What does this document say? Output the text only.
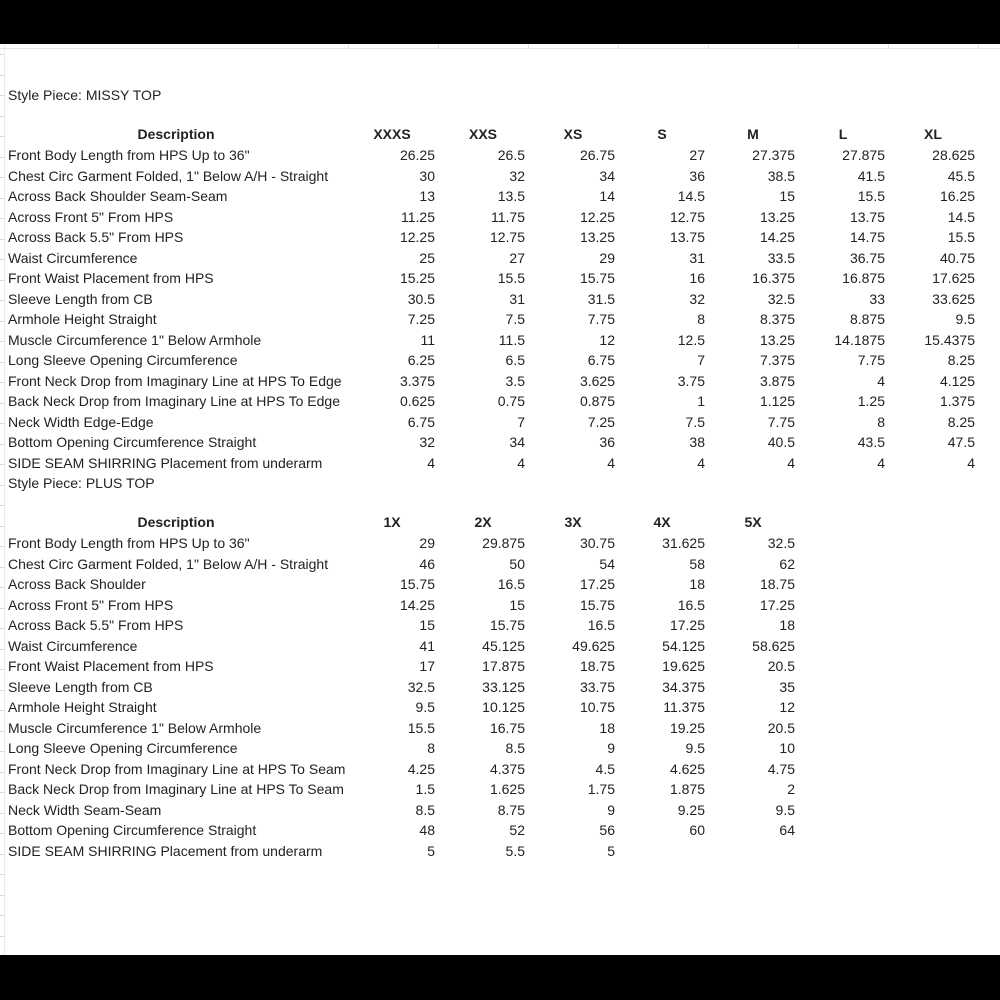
Style Piece: MISSY TOP
Description	XXXS	XXS	XS	S	M	L	XL
Front Body Length from HPS Up to 36"	26.25	26.5	26.75	27	27.375	27.875	28.625
Chest Circ Garment Folded, 1" Below A/H - Straight	30	32	34	36	38.5	41.5	45.5
Across Back Shoulder Seam-Seam	13	13.5	14	14.5	15	15.5	16.25
Across Front 5" From HPS	11.25	11.75	12.25	12.75	13.25	13.75	14.5
Across Back 5.5" From HPS	12.25	12.75	13.25	13.75	14.25	14.75	15.5
Waist Circumference	25	27	29	31	33.5	36.75	40.75
Front Waist Placement from HPS	15.25	15.5	15.75	16	16.375	16.875	17.625
Sleeve Length from CB	30.5	31	31.5	32	32.5	33	33.625
Armhole Height Straight	7.25	7.5	7.75	8	8.375	8.875	9.5
Muscle Circumference 1" Below Armhole	11	11.5	12	12.5	13.25	14.1875	15.4375
Long Sleeve Opening Circumference	6.25	6.5	6.75	7	7.375	7.75	8.25
Front Neck Drop from Imaginary Line at HPS To Edge	3.375	3.5	3.625	3.75	3.875	4	4.125
Back Neck Drop from Imaginary Line at HPS To Edge	0.625	0.75	0.875	1	1.125	1.25	1.375
Neck Width Edge-Edge	6.75	7	7.25	7.5	7.75	8	8.25
Bottom Opening Circumference Straight	32	34	36	38	40.5	43.5	47.5
SIDE SEAM SHIRRING Placement from underarm	4	4	4	4	4	4	4
Style Piece: PLUS TOP
Description	1X	2X	3X	4X	5X
Front Body Length from HPS Up to 36"	29	29.875	30.75	31.625	32.5
Chest Circ Garment Folded, 1" Below A/H - Straight	46	50	54	58	62
Across Back Shoulder	15.75	16.5	17.25	18	18.75
Across Front 5" From HPS	14.25	15	15.75	16.5	17.25
Across Back 5.5" From HPS	15	15.75	16.5	17.25	18
Waist Circumference	41	45.125	49.625	54.125	58.625
Front Waist Placement from HPS	17	17.875	18.75	19.625	20.5
Sleeve Length from CB	32.5	33.125	33.75	34.375	35
Armhole Height Straight	9.5	10.125	10.75	11.375	12
Muscle Circumference 1" Below Armhole	15.5	16.75	18	19.25	20.5
Long Sleeve Opening Circumference	8	8.5	9	9.5	10
Front Neck Drop from Imaginary Line at HPS To Seam	4.25	4.375	4.5	4.625	4.75
Back Neck Drop from Imaginary Line at HPS To Seam	1.5	1.625	1.75	1.875	2
Neck Width Seam-Seam	8.5	8.75	9	9.25	9.5
Bottom Opening Circumference Straight	48	52	56	60	64
SIDE SEAM SHIRRING Placement from underarm	5	5.5	5
